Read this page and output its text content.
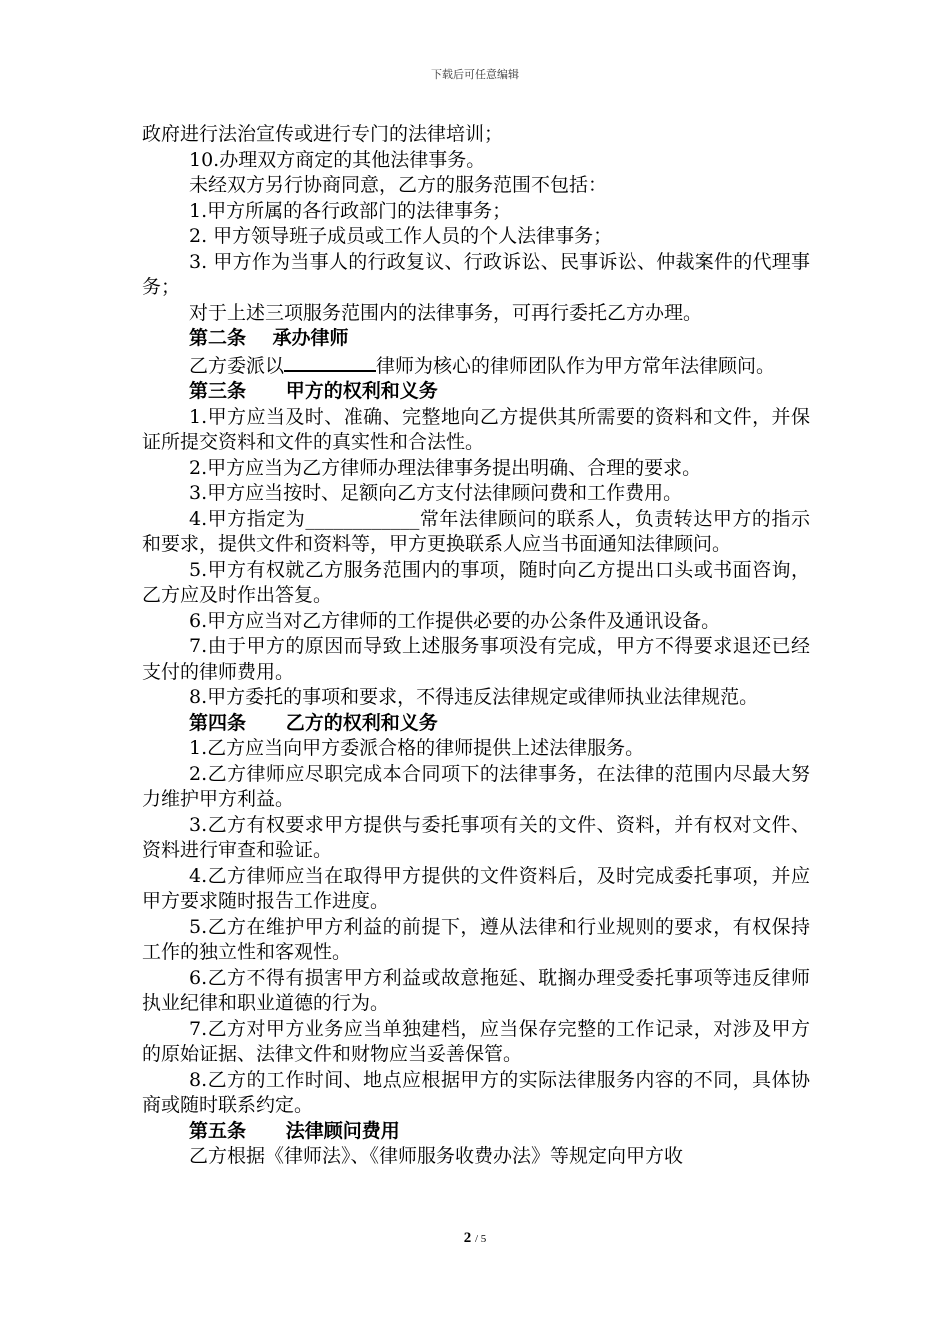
下载后可任意编辑

政府进行法治宣传或进行专门的法律培训；

10.办理双方商定的其他法律事务。

未经双方另行协商同意，乙方的服务范围不包括：

1.甲方所属的各行政部门的法律事务；

2. 甲方领导班子成员或工作人员的个人法律事务；

3. 甲方作为当事人的行政复议、行政诉讼、民事诉讼、仲裁案件的代理事务；

对于上述三项服务范围内的法律事务，可再行委托乙方办理。

第二条    承办律师

乙方委派以	律师为核心的律师团队作为甲方常年法律顾问。

第三条      甲方的权利和义务

1.甲方应当及时、准确、完整地向乙方提供其所需要的资料和文件，并保证所提交资料和文件的真实性和合法性。

2.甲方应当为乙方律师办理法律事务提出明确、合理的要求。

3.甲方应当按时、足额向乙方支付法律顾问费和工作费用。

4.甲方指定为____________常年法律顾问的联系人，负责转达甲方的指示和要求，提供文件和资料等，甲方更换联系人应当书面通知法律顾问。

5.甲方有权就乙方服务范围内的事项，随时向乙方提出口头或书面咨询，乙方应及时作出答复。

6.甲方应当对乙方律师的工作提供必要的办公条件及通讯设备。

7.由于甲方的原因而导致上述服务事项没有完成，甲方不得要求退还已经支付的律师费用。

8.甲方委托的事项和要求，不得违反法律规定或律师执业法律规范。

第四条      乙方的权利和义务

1.乙方应当向甲方委派合格的律师提供上述法律服务。

2.乙方律师应尽职完成本合同项下的法律事务，在法律的范围内尽最大努力维护甲方利益。

3.乙方有权要求甲方提供与委托事项有关的文件、资料，并有权对文件、资料进行审查和验证。

4.乙方律师应当在取得甲方提供的文件资料后，及时完成委托事项，并应甲方要求随时报告工作进度。

5.乙方在维护甲方利益的前提下，遵从法律和行业规则的要求，有权保持工作的独立性和客观性。

6.乙方不得有损害甲方利益或故意拖延、耽搁办理受委托事项等违反律师执业纪律和职业道德的行为。

7.乙方对甲方业务应当单独建档，应当保存完整的工作记录，对涉及甲方的原始证据、法律文件和财物应当妥善保管。

8.乙方的工作时间、地点应根据甲方的实际法律服务内容的不同，具体协商或随时联系约定。

第五条      法律顾问费用

乙方根据《律师法》、《律师服务收费办法》等规定向甲方收

2 / 5
